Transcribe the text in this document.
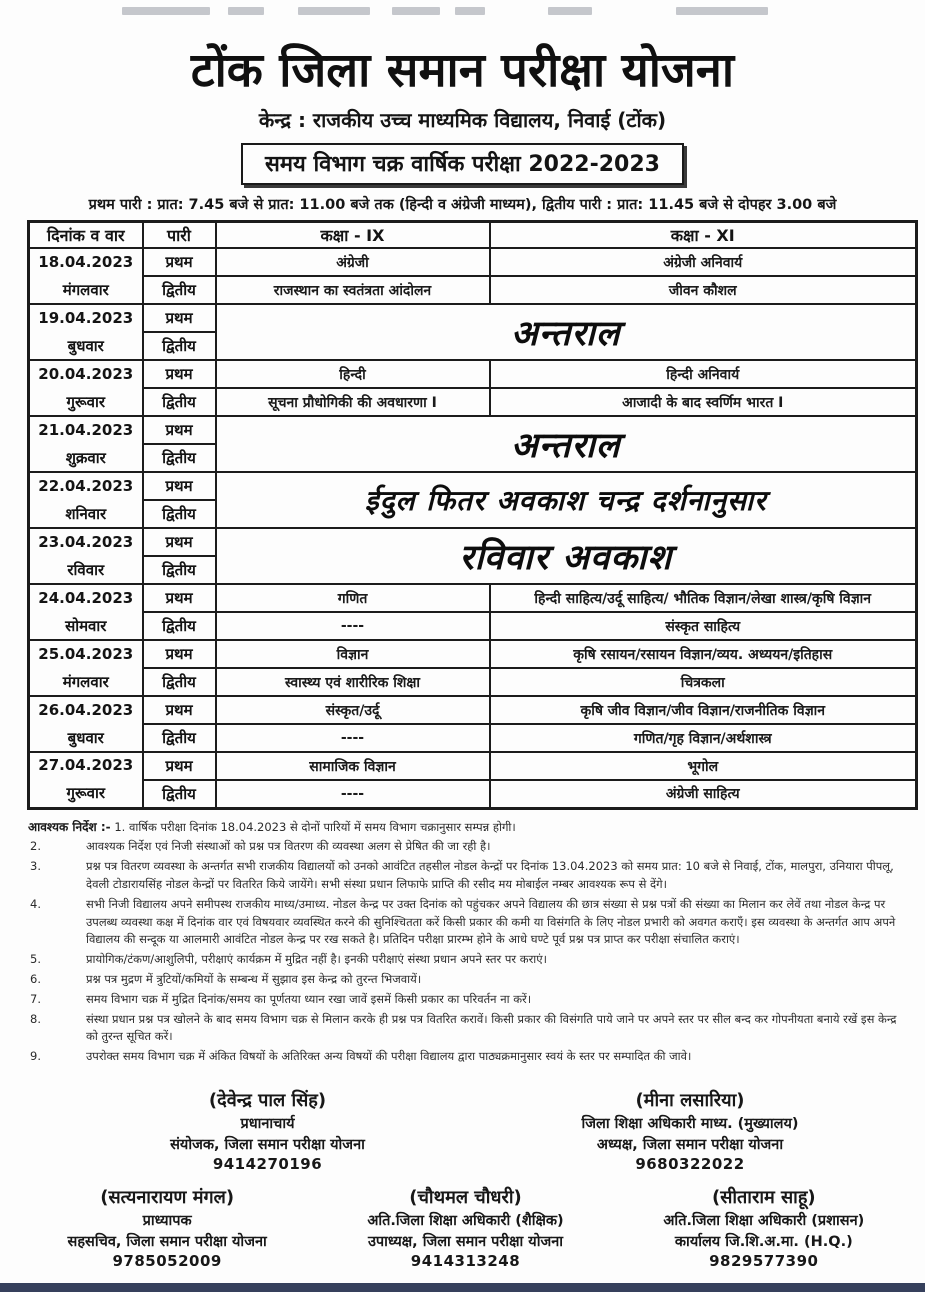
टोंक जिला समान परीक्षा योजना
केन्द्र : राजकीय उच्च माध्यमिक विद्यालय, निवाई (टोंक)
समय विभाग चक्र वार्षिक परीक्षा 2022-2023
प्रथम पारी : प्रात: 7.45 बजे से प्रात: 11.00 बजे तक (हिन्दी व अंग्रेजी माध्यम), द्वितीय पारी : प्रात: 11.45 बजे से दोपहर 3.00 बजे
दिनांक व वार	पारी	कक्षा - IX	कक्षा - XI

18.04.2023
मंगलवार	प्रथम	अंग्रेजी	अंग्रेजी अनिवार्य
	द्वितीय	राजस्थान का स्वतंत्रता आंदोलन	जीवन कौशल

19.04.2023
बुधवार	प्रथम	अन्तराल	
	द्वितीय		

20.04.2023
गुरूवार	प्रथम	हिन्दी	हिन्दी अनिवार्य
	द्वितीय	सूचना प्रौधोगिकी की अवधारणा I	आजादी के बाद स्वर्णिम भारत I

21.04.2023
शुक्रवार	प्रथम	अन्तराल	
	द्वितीय		

22.04.2023
शनिवार	प्रथम	ईदुल फितर अवकाश चन्द्र दर्शनानुसार	
	द्वितीय		

23.04.2023
रविवार	प्रथम	रविवार अवकाश	
	द्वितीय		

24.04.2023
सोमवार	प्रथम	गणित	हिन्दी साहित्य/उर्दू साहित्य/ भौतिक विज्ञान/लेखा शास्त्र/कृषि विज्ञान
	द्वितीय	----	संस्कृत साहित्य

25.04.2023
मंगलवार	प्रथम	विज्ञान	कृषि रसायन/रसायन विज्ञान/व्यय. अध्ययन/इतिहास
	द्वितीय	स्वास्थ्य एवं शारीरिक शिक्षा	चित्रकला

26.04.2023
बुधवार	प्रथम	संस्कृत/उर्दू	कृषि जीव विज्ञान/जीव विज्ञान/राजनीतिक विज्ञान
	द्वितीय	----	गणित/गृह विज्ञान/अर्थशास्त्र

27.04.2023
गुरूवार	प्रथम	सामाजिक विज्ञान	भूगोल
	द्वितीय	----	अंग्रेजी साहित्य
आवश्यक निर्देश :- 1. वार्षिक परीक्षा दिनांक 18.04.2023 से दोनों पारियों में समय विभाग चक्रानुसार सम्पन्न होगी।
2.	आवश्यक निर्देश एवं निजी संस्थाओं को प्रश्न पत्र वितरण की व्यवस्था अलग से प्रेषित की जा रही है।
3.	प्रश्न पत्र वितरण व्यवस्था के अन्तर्गत सभी राजकीय विद्यालयों को उनको आवंटित तहसील नोडल केन्द्रों पर दिनांक 13.04.2023 को समय प्रात: 10 बजे से निवाई, टोंक, मालपुरा, उनियारा पीपलू, देवली टोडारायसिंह नोडल केन्द्रों पर वितरित किये जायेंगे। सभी संस्था प्रधान लिफाफे प्राप्ति की रसीद मय मोबाईल नम्बर आवश्यक रूप से देंगे।
4.	सभी निजी विद्यालय अपने समीपस्थ राजकीय माध्य/उमाध्य. नोडल केन्द्र पर उक्त दिनांक को पहुंचकर अपने विद्यालय की छात्र संख्या से प्रश्न पत्रों की संख्या का मिलान कर लेवें तथा नोडल केन्द्र पर उपलब्ध व्यवस्था कक्ष में दिनांक वार एवं विषयवार व्यवस्थित करने की सुनिश्चितता करें किसी प्रकार की कमी या विसंगति के लिए नोडल प्रभारी को अवगत कराएँ। इस व्यवस्था के अन्तर्गत आप अपने विद्यालय की सन्दूक या आलमारी आवंटित नोडल केन्द्र पर रख सकते है। प्रतिदिन परीक्षा प्रारम्भ होने के आधे घण्टे पूर्व प्रश्न पत्र प्राप्त कर परीक्षा संचालित कराएं।
5.	प्रायोगिक/टंकण/आशुलिपी, परीक्षाएं कार्यक्रम में मुद्रित नहीं है। इनकी परीक्षाएं संस्था प्रधान अपने स्तर पर कराएं।
6.	प्रश्न पत्र मुद्रण में त्रुटियों/कमियों के सम्बन्ध में सुझाव इस केन्द्र को तुरन्त भिजवायें।
7.	समय विभाग चक्र में मुद्रित दिनांक/समय का पूर्णतया ध्यान रखा जावें इसमें किसी प्रकार का परिवर्तन ना करें।
8.	संस्था प्रधान प्रश्न पत्र खोलने के बाद समय विभाग चक्र से मिलान करके ही प्रश्न पत्र वितरित करावें। किसी प्रकार की विसंगति पाये जाने पर अपने स्तर पर सील बन्द कर गोपनीयता बनाये रखें इस केन्द्र को तुरन्त सूचित करें।
9.	उपरोक्त समय विभाग चक्र में अंकित विषयों के अतिरिक्त अन्य विषयों की परीक्षा विद्यालय द्वारा पाठ्यक्रमानुसार स्वयं के स्तर पर सम्पादित की जावे।
(देवेन्द्र पाल सिंह)
प्रधानाचार्य
संयोजक, जिला समान परीक्षा योजना
9414270196
(मीना लसारिया)
जिला शिक्षा अधिकारी माध्य. (मुख्यालय)
अध्यक्ष, जिला समान परीक्षा योजना
9680322022
(सत्यनारायण मंगल)
प्राध्यापक
सहसचिव, जिला समान परीक्षा योजना
9785052009
(चौथमल चौधरी)
अति.जिला शिक्षा अधिकारी (शैक्षिक)
उपाध्यक्ष, जिला समान परीक्षा योजना
9414313248
(सीताराम साहू)
अति.जिला शिक्षा अधिकारी (प्रशासन)
कार्यालय जि.शि.अ.मा. (H.Q.)
9829577390
